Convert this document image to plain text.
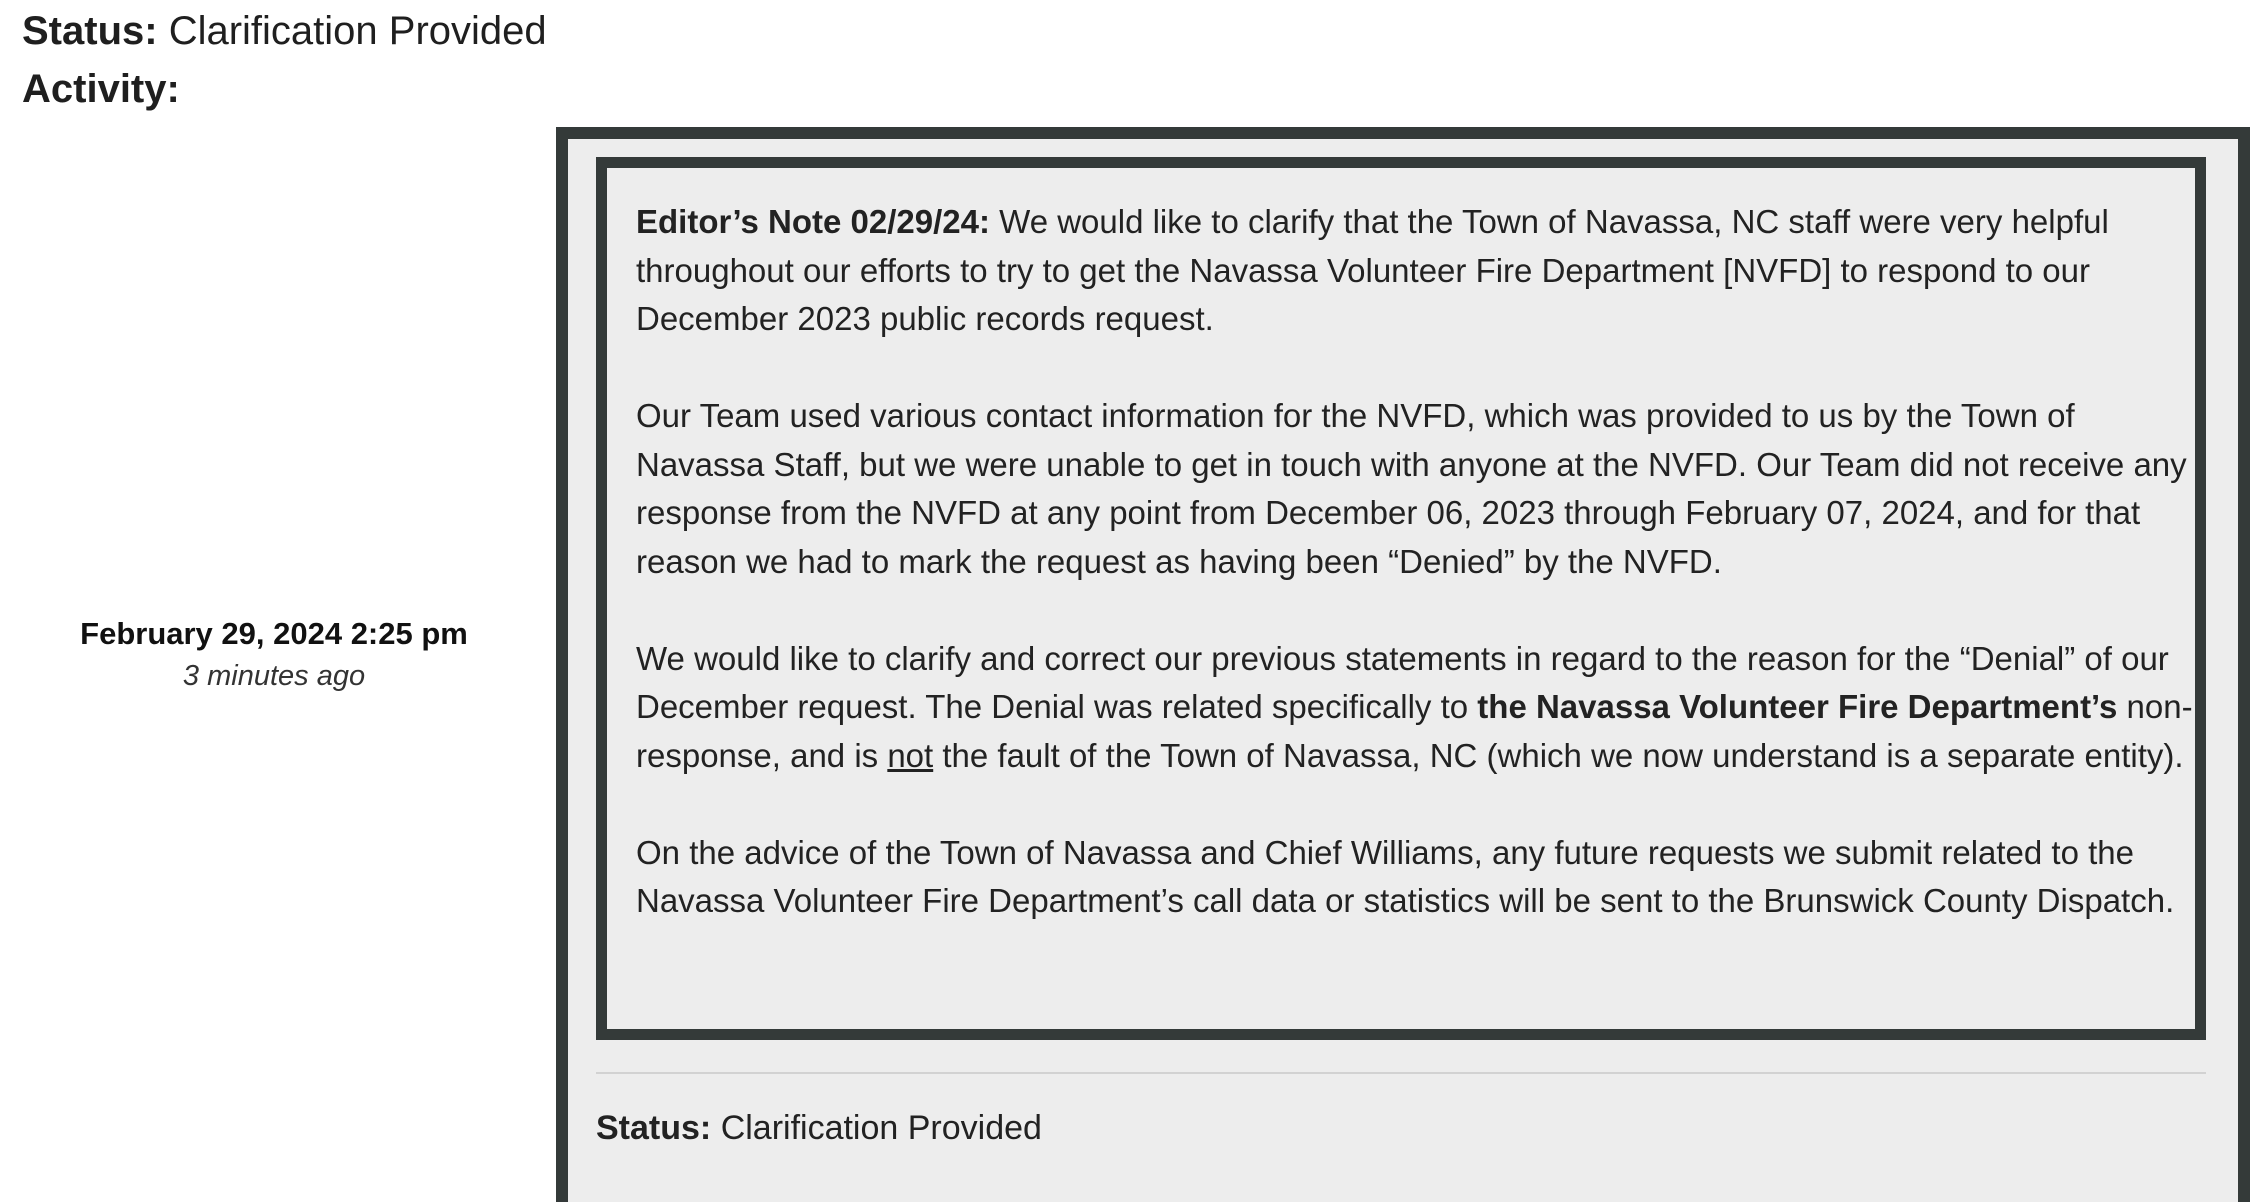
Status: Clarification Provided
Activity:
February 29, 2024 2:25 pm
3 minutes ago

Editor’s Note 02/29/24: We would like to clarify that the Town of Navassa, NC staff were very helpful throughout our efforts to try to get the Navassa Volunteer Fire Department [NVFD] to respond to our December 2023 public records request.

Our Team used various contact information for the NVFD, which was provided to us by the Town of Navassa Staff, but we were unable to get in touch with anyone at the NVFD. Our Team did not receive any response from the NVFD at any point from December 06, 2023 through February 07, 2024, and for that reason we had to mark the request as having been “Denied” by the NVFD.

We would like to clarify and correct our previous statements in regard to the reason for the “Denial” of our December request. The Denial was related specifically to the Navassa Volunteer Fire Department’s non-response, and is not the fault of the Town of Navassa, NC (which we now understand is a separate entity).

On the advice of the Town of Navassa and Chief Williams, any future requests we submit related to the Navassa Volunteer Fire Department’s call data or statistics will be sent to the Brunswick County Dispatch.

Status: Clarification Provided
